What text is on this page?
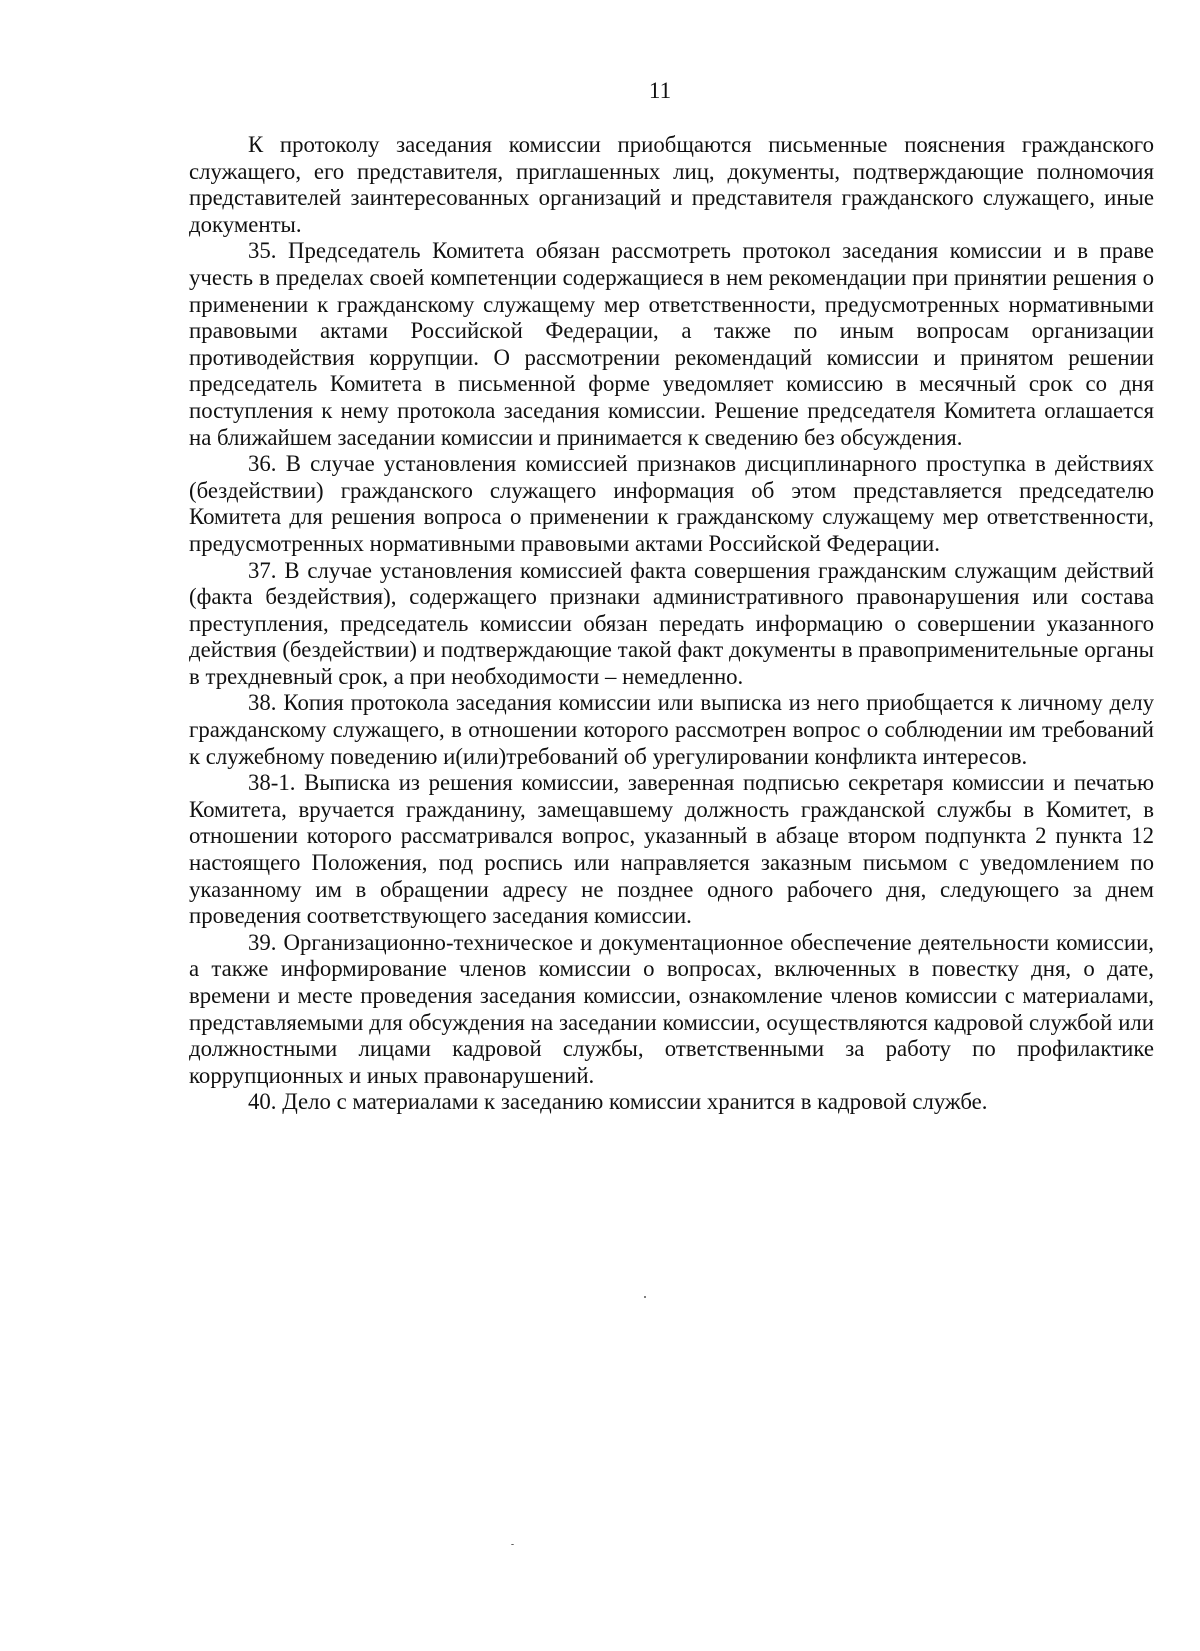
11

К протоколу заседания комиссии приобщаются письменные пояснения гражданского служащего, его представителя, приглашенных лиц, документы, подтверждающие полномочия представителей заинтересованных организаций и представителя гражданского служащего, иные документы.

35. Председатель Комитета обязан рассмотреть протокол заседания комиссии и в праве учесть в пределах своей компетенции содержащиеся в нем рекомендации при принятии решения о применении к гражданскому служащему мер ответственности, предусмотренных нормативными правовыми актами Российской Федерации, а также по иным вопросам организации противодействия коррупции. О рассмотрении рекомендаций комиссии и принятом решении председатель Комитета в письменной форме уведомляет комиссию в месячный срок со дня поступления к нему протокола заседания комиссии. Решение председателя Комитета оглашается на ближайшем заседании комиссии и принимается к сведению без обсуждения.

36. В случае установления комиссией признаков дисциплинарного проступка в действиях (бездействии) гражданского служащего информация об этом представляется председателю Комитета для решения вопроса о применении к гражданскому служащему мер ответственности, предусмотренных нормативными правовыми актами Российской Федерации.

37. В случае установления комиссией факта совершения гражданским служащим действий (факта бездействия), содержащего признаки административного правонарушения или состава преступления, председатель комиссии обязан передать информацию о совершении указанного действия (бездействии) и подтверждающие такой факт документы в правоприменительные органы в трехдневный срок, а при необходимости – немедленно.

38. Копия протокола заседания комиссии или выписка из него приобщается к личному делу гражданскому служащего, в отношении которого рассмотрен вопрос о соблюдении им требований к служебному поведению и(или)требований об урегулировании конфликта интересов.

38-1. Выписка из решения комиссии, заверенная подписью секретаря комиссии и печатью Комитета, вручается гражданину, замещавшему должность гражданской службы в Комитет, в отношении которого рассматривался вопрос, указанный в абзаце втором подпункта 2 пункта 12 настоящего Положения, под роспись или направляется заказным письмом с уведомлением по указанному им в обращении адресу не позднее одного рабочего дня, следующего за днем проведения соответствующего заседания комиссии.

39. Организационно-техническое и документационное обеспечение деятельности комиссии, а также информирование членов комиссии о вопросах, включенных в повестку дня, о дате, времени и месте проведения заседания комиссии, ознакомление членов комиссии с материалами, представляемыми для обсуждения на заседании комиссии, осуществляются кадровой службой или должностными лицами кадровой службы, ответственными за работу по профилактике коррупционных и иных правонарушений.

40. Дело с материалами к заседанию комиссии хранится в кадровой службе.
